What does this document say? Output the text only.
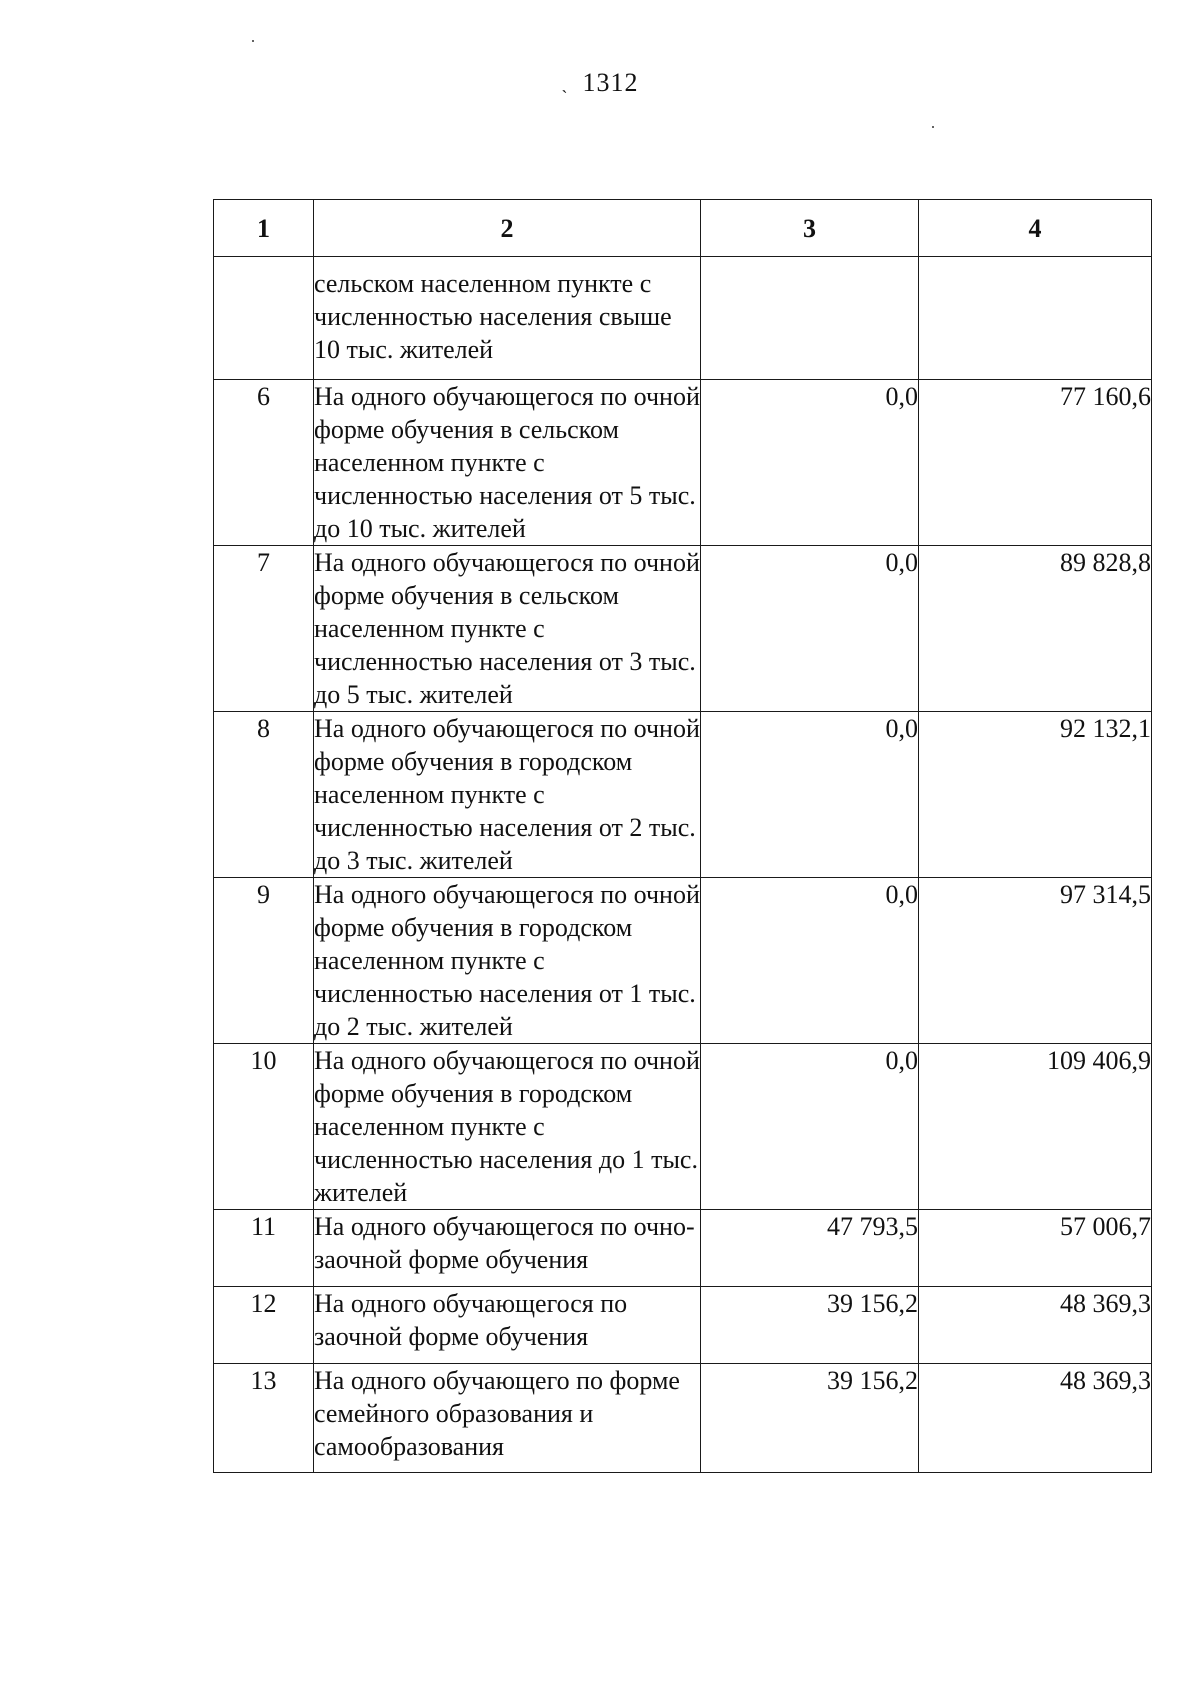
ˏ 1312
1	2	3	4
	сельском населенном пункте с численностью населения свыше 10 тыс. жителей		
6	На одного обучающегося по очной форме обучения в сельском населенном пункте с численностью населения от 5 тыс. до 10 тыс. жителей	0,0	77 160,6
7	На одного обучающегося по очной форме обучения в сельском населенном пункте с численностью населения от 3 тыс. до 5 тыс. жителей	0,0	89 828,8
8	На одного обучающегося по очной форме обучения в городском населенном пункте с численностью населения от 2 тыс. до 3 тыс. жителей	0,0	92 132,1
9	На одного обучающегося по очной форме обучения в городском населенном пункте с численностью населения от 1 тыс. до 2 тыс. жителей	0,0	97 314,5
10	На одного обучающегося по очной форме обучения в городском населенном пункте с численностью населения до 1 тыс. жителей	0,0	109 406,9
11	На одного обучающегося по очно-заочной форме обучения	47 793,5	57 006,7
12	На одного обучающегося по заочной форме обучения	39 156,2	48 369,3
13	На одного обучающего по форме семейного образования и самообразования	39 156,2	48 369,3
